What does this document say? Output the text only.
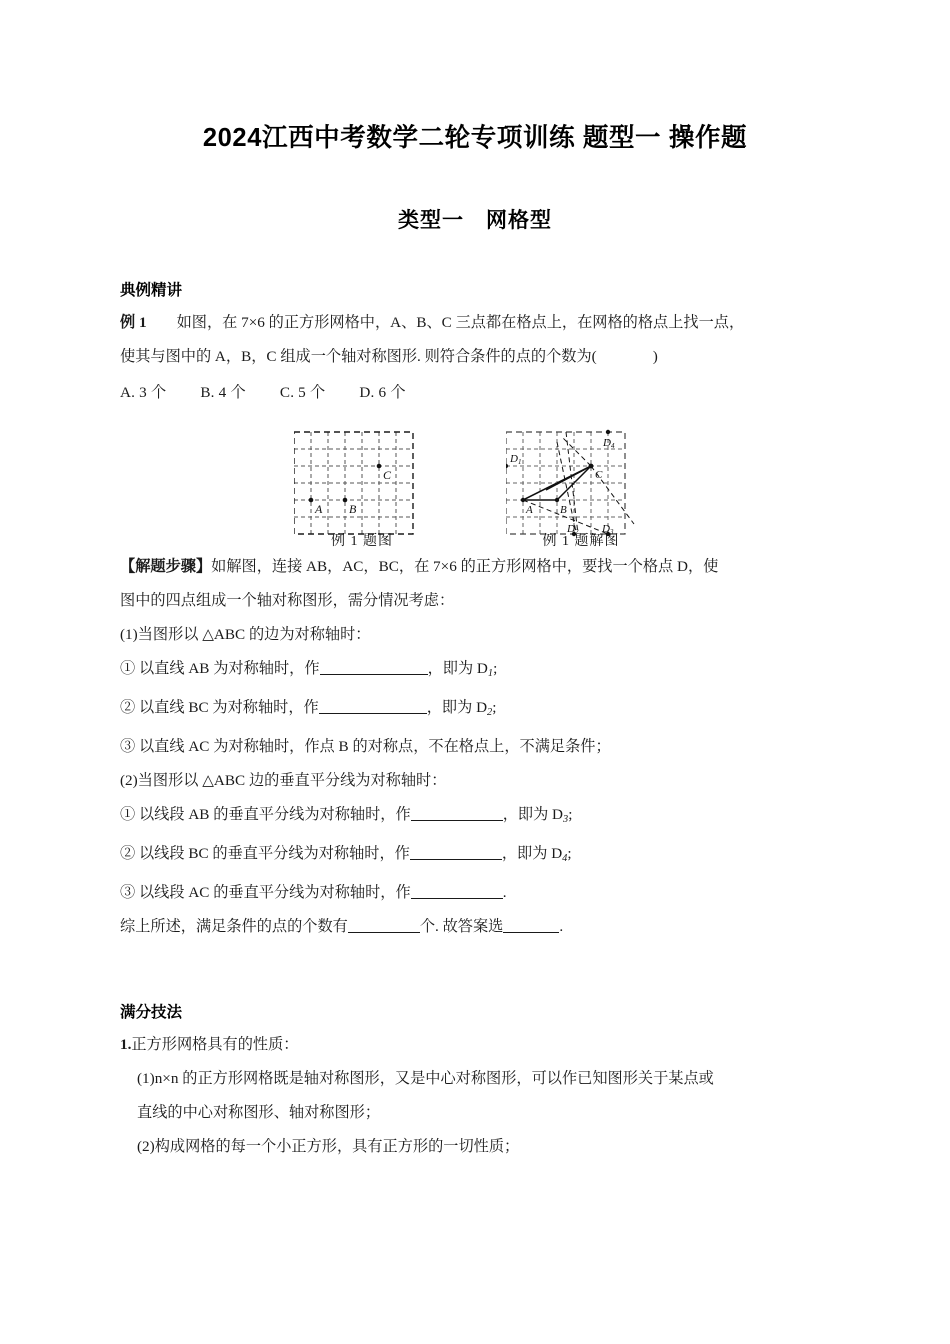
2024江西中考数学二轮专项训练 题型一 操作题
类型一　网格型
典例精讲

例 1 如图，在 7×6 的正方形网格中，A、B、C 三点都在格点上，在网格的格点上找一点，

使其与图中的 A，B，C 组成一个轴对称图形. 则符合条件的点的个数为(	)

A. 3 个 B. 4 个 C. 5 个 D. 6 个

A B
C
例 1 题图
A B
C
D1
D2 D3
D4
例 1 题解图

【解题步骤】如解图，连接 AB，AC，BC，在 7×6 的正方形网格中，要找一个格点 D，使

图中的四点组成一个轴对称图形，需分情况考虑：

(1)当图形以 △ABC 的边为对称轴时：

① 以直线 AB 为对称轴时，作	，即为 $D_1$;

② 以直线 BC 为对称轴时，作	，即为 $D_2$;

③ 以直线 AC 为对称轴时，作点 B 的对称点，不在格点上，不满足条件；

(2)当图形以 △ABC 边的垂直平分线为对称轴时：

① 以线段 AB 的垂直平分线为对称轴时，作	，即为 $D_3$;

② 以线段 BC 的垂直平分线为对称轴时，作	，即为 $D_4$;

③ 以线段 AC 的垂直平分线为对称轴时，作	.

综上所述，满足条件的点的个数有	个. 故答案选	.

满分技法

1.正方形网格具有的性质：

(1)n×n 的正方形网格既是轴对称图形，又是中心对称图形，可以作已知图形关于某点或

直线的中心对称图形、轴对称图形；

(2)构成网格的每一个小正方形，具有正方形的一切性质；
